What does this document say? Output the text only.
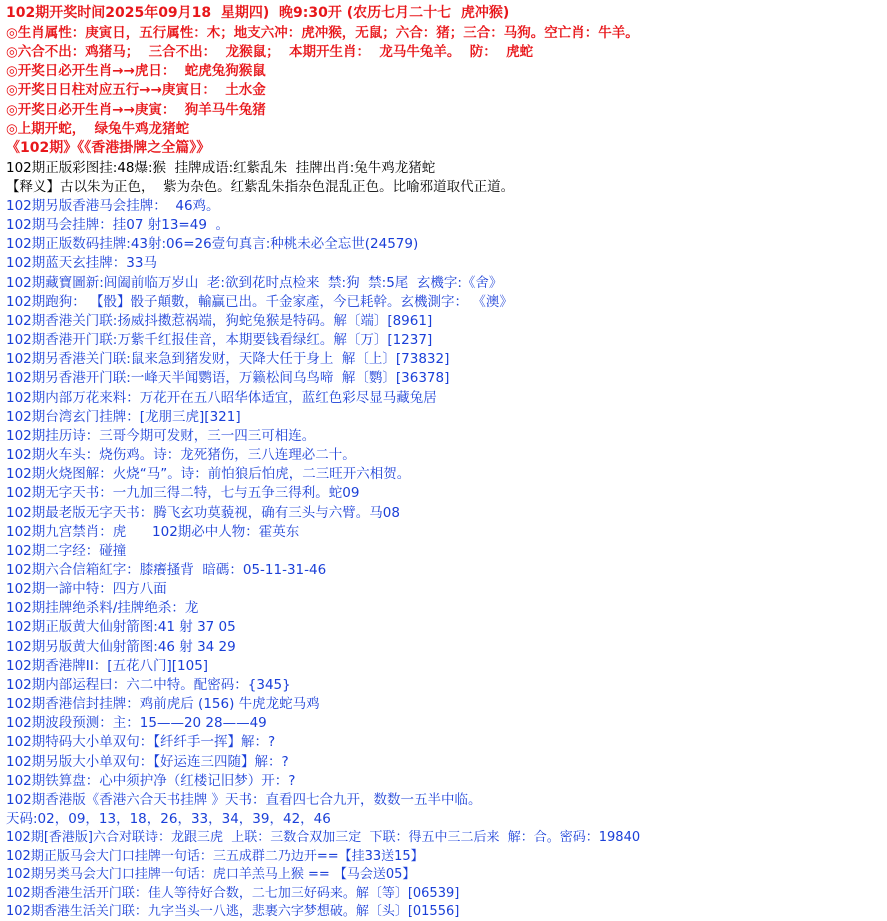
102期开奖时间2025年09月18  星期四)  晚9:30开 (农历七月二十七  虎冲猴)
◎生肖属性：庚寅日，五行属性：木；地支六冲：虎冲猴，无鼠；六合：猪；三合：马狗。空亡肖：牛羊。
◎六合不出：鸡猪马；  三合不出：  龙猴鼠；  本期开生肖：  龙马牛兔羊。  防：  虎蛇
◎开奖日必开生肖→→虎日：  蛇虎兔狗猴鼠
◎开奖日日柱对应五行→→庚寅日：  土水金
◎开奖日必开生肖→→庚寅：  狗羊马牛兔猪
◎上期开蛇，  绿兔牛鸡龙猪蛇
《102期》《《香港掛牌之全篇》》
102期正版彩图挂:48爆:猴  挂牌成语:红紫乱朱  挂牌出肖:兔牛鸡龙猪蛇
【释义】古以朱为正色，  紫为杂色。红紫乱朱指杂色混乱正色。比喻邪道取代正道。
102期另版香港马会挂牌：  46鸡。
102期马会挂牌：挂07 射13=49  。
102期正版数码挂牌:43射:06=26壹句真言:种桃未必全忘世(24579)
102期蓝天玄挂牌：33马
102期藏寶圖新:闾阖前临万岁山  老:欲到花时点检来  禁:狗  禁:5尾  玄機字:《舍》
102期跑狗： 【骰】骰子顛數，輸贏已出。千金家產，今已耗幹。玄機測字： 《澳》
102期香港关门联:扬威抖擞惹祸端，狗蛇兔猴是特码。解〔端〕[8961]
102期香港开门联:万紫千红报佳音，本期要钱看绿红。解〔万〕[1237]
102期另香港关门联:鼠来急到猪发财，天降大任于身上  解〔上〕[73832]
102期另香港开门联:一峰天半闻鹦语，万籁松间乌鸟啼  解〔鹦〕[36378]
102期内部万花来料：万花开在五八昭华体适宜，蓝红色彩尽显马藏兔居
102期台湾玄门挂牌：[龙朋三虎][321]
102期挂历诗：三哥今期可发财，三一四三可相连。
102期火车头：烧伤鸡。诗：龙死猪伤，三八连理必二十。
102期火烧图解：火烧“马”。诗：前怕狼后怕虎，二三旺开六相贺。
102期无字天书：一九加三得二特，七与五争三得利。蛇09
102期最老版无字天书：腾飞玄功莫藐视，确有三头与六臂。马08
102期九宫禁肖：虎      102期必中人物：霍英东
102期二字经：碰撞
102期六合信箱紅字：膝癢搔背  暗碼：05-11-31-46
102期一諦中特：四方八面
102期挂牌绝杀料/挂牌绝杀：龙
102期正版黄大仙射箭图:41 射 37 05
102期另版黄大仙射箭图:46 射 34 29
102期香港牌ⅠⅠ：[五花八门][105]
102期内部运程曰：六二中特。配密码：{345}
102期香港信封挂牌：鸡前虎后 (156) 牛虎龙蛇马鸡
102期波段预测：主：15——20 28——49
102期特码大小单双句：【纤纤手一挥】解：?
102期另版大小单双句：【好运连三四随】解：?
102期铁算盘：心中须护净（红楼记旧梦）开：?
102期香港版《香港六合天书挂牌 》天书：直看四七合九开，数数一五半中临。
天码:02，09，13，18，26，33，34，39，42，46
102期[香港版]六合对联诗：龙跟三虎  上联：三数合双加三定  下联：得五中三二后来  解：合。密码：19840
102期正版马会大门口挂牌一句话：三五成群二乃边开==【挂33送15】
102期另类马会大门口挂牌一句话：虎口羊羔马上猴 == 【马会送05】
102期香港生活开门联：佳人等待好合数，二七加三好码来。解〔等〕[06539]
102期香港生活关门联：九字当头一八逃，悲裹六字梦想破。解〔头〕[01556]
